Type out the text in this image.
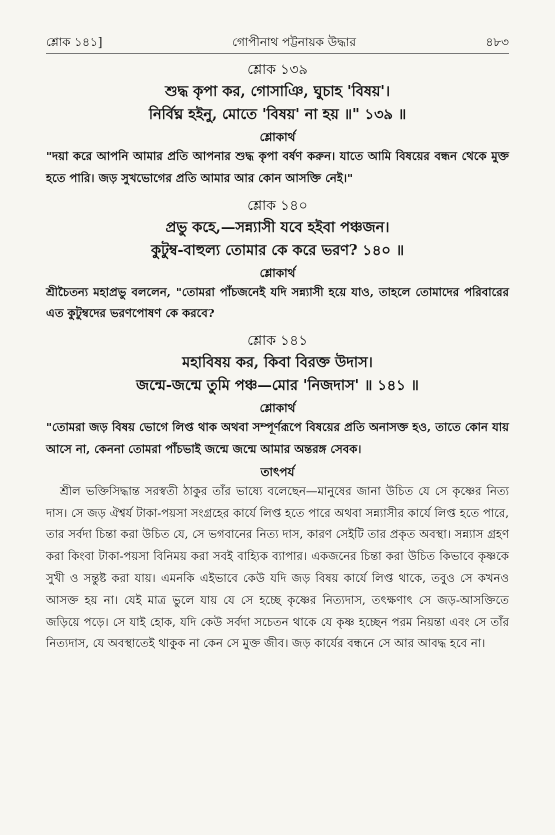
শ্লোক ১৪১]	গোপীনাথ পট্টনায়ক উদ্ধার	৪৮৩

শ্লোক ১৩৯

শুদ্ধ কৃপা কর, গোসাঞি, ঘুচাহ 'বিষয়'।

নির্বিঘ্ন হইনু, মোতে 'বিষয়' না হয় ॥" ১৩৯ ॥

শ্লোকার্থ

"দয়া করে আপনি আমার প্রতি আপনার শুদ্ধ কৃপা বর্ষণ করুন। যাতে আমি বিষয়ের বন্ধন থেকে মুক্ত হতে পারি। জড় সুখভোগের প্রতি আমার আর কোন আসক্তি নেই।"

শ্লোক ১৪০

প্রভু কহে,—সন্ন্যাসী যবে হইবা পঞ্চজন।

কুটুম্ব-বাহুল্য তোমার কে করে ভরণ? ১৪০ ॥

শ্লোকার্থ

শ্রীচৈতন্য মহাপ্রভু বললেন, "তোমরা পাঁচজনেই যদি সন্ন্যাসী হয়ে যাও, তাহলে তোমাদের পরিবারের এত কুটুম্বদের ভরণপোষণ কে করবে?

শ্লোক ১৪১

মহাবিষয় কর, কিবা বিরক্ত উদাস।

জন্মে-জন্মে তুমি পঞ্চ—মোর 'নিজদাস' ॥ ১৪১ ॥

শ্লোকার্থ

"তোমরা জড় বিষয় ভোগে লিপ্ত থাক অথবা সম্পূর্ণরূপে বিষয়ের প্রতি অনাসক্ত হও, তাতে কোন যায় আসে না, কেননা তোমরা পাঁচভাই জন্মে জন্মে আমার অন্তরঙ্গ সেবক।

তাৎপর্য

শ্রীল ভক্তিসিদ্ধান্ত সরস্বতী ঠাকুর তাঁর ভাষ্যে বলেছেন—মানুষের জানা উচিত যে সে কৃষ্ণের নিত্য দাস। সে জড় ঐশ্বর্য টাকা-পয়সা সংগ্রহের কার্যে লিপ্ত হতে পারে অথবা সন্ন্যাসীর কার্যে লিপ্ত হতে পারে, তার সর্বদা চিন্তা করা উচিত যে, সে ভগবানের নিত্য দাস, কারণ সেইটি তার প্রকৃত অবস্থা। সন্ন্যাস গ্রহণ করা কিংবা টাকা-পয়সা বিনিময় করা সবই বাহ্যিক ব্যাপার। একজনের চিন্তা করা উচিত কিভাবে কৃষ্ণকে সুখী ও সন্তুষ্ট করা যায়। এমনকি এইভাবে কেউ যদি জড় বিষয় কার্যে লিপ্ত থাকে, তবুও সে কখনও আসক্ত হয় না। যেই মাত্র ভুলে যায় যে সে হচ্ছে কৃষ্ণের নিত্যদাস, তৎক্ষণাৎ সে জড়-আসক্তিতে জড়িয়ে পড়ে। সে যাই হোক, যদি কেউ সর্বদা সচেতন থাকে যে কৃষ্ণ হচ্ছেন পরম নিয়ন্তা এবং সে তাঁর নিত্যদাস, যে অবস্থাতেই থাকুক না কেন সে মুক্ত জীব। জড় কার্যের বন্ধনে সে আর আবদ্ধ হবে না।
